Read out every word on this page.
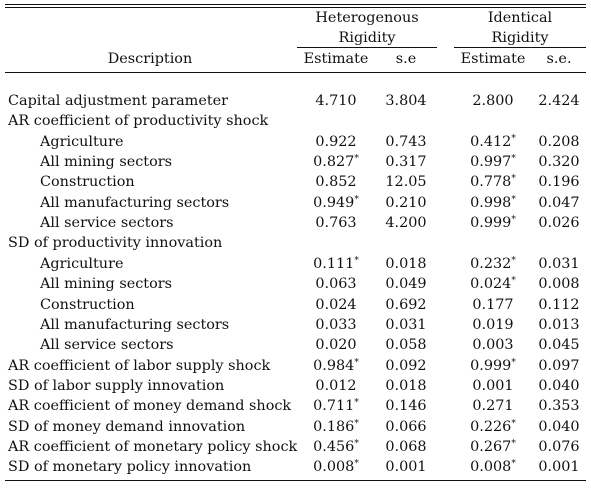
Heterogenous
Rigidity
Identical
Rigidity
Description	Estimate	s.e	Estimate	s.e.
Capital adjustment parameter	4.710	3.804	2.800	2.424
AR coefficient of productivity shock
Agriculture	0.922	0.743	0.412*	0.208
All mining sectors	0.827*	0.317	0.997*	0.320
Construction	0.852	12.05	0.778*	0.196
All manufacturing sectors	0.949*	0.210	0.998*	0.047
All service sectors	0.763	4.200	0.999*	0.026
SD of productivity innovation
Agriculture	0.111*	0.018	0.232*	0.031
All mining sectors	0.063	0.049	0.024*	0.008
Construction	0.024	0.692	0.177	0.112
All manufacturing sectors	0.033	0.031	0.019	0.013
All service sectors	0.020	0.058	0.003	0.045
AR coefficient of labor supply shock	0.984*	0.092	0.999*	0.097
SD of labor supply innovation	0.012	0.018	0.001	0.040
AR coefficient of money demand shock	0.711*	0.146	0.271	0.353
SD of money demand innovation	0.186*	0.066	0.226*	0.040
AR coefficient of monetary policy shock	0.456*	0.068	0.267*	0.076
SD of monetary policy innovation	0.008*	0.001	0.008*	0.001
